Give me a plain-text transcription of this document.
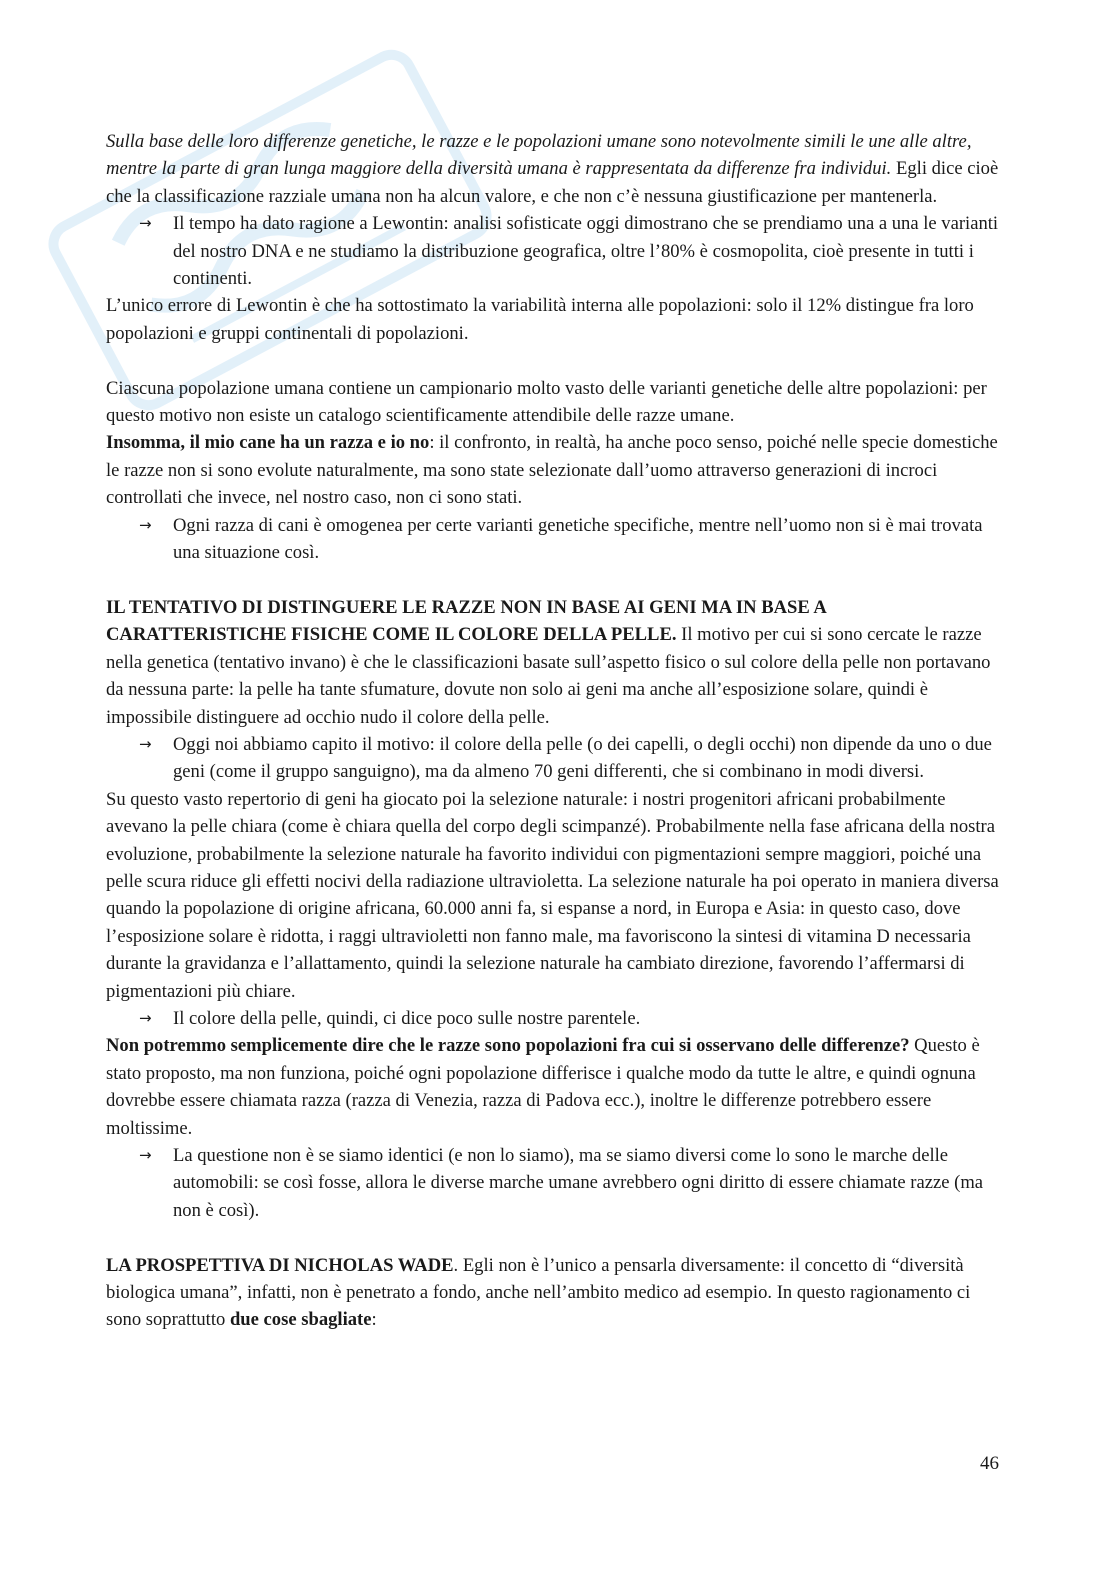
Sulla base delle loro differenze genetiche, le razze e le popolazioni umane sono notevolmente simili le une alle altre, mentre la parte di gran lunga maggiore della diversità umana è rappresentata da differenze fra individui. Egli dice cioè che la classificazione razziale umana non ha alcun valore, e che non c’è nessuna giustificazione per mantenerla.

→ Il tempo ha dato ragione a Lewontin: analisi sofisticate oggi dimostrano che se prendiamo una a una le varianti del nostro DNA e ne studiamo la distribuzione geografica, oltre l’80% è cosmopolita, cioè presente in tutti i continenti.

L’unico errore di Lewontin è che ha sottostimato la variabilità interna alle popolazioni: solo il 12% distingue fra loro popolazioni e gruppi continentali di popolazioni.

Ciascuna popolazione umana contiene un campionario molto vasto delle varianti genetiche delle altre popolazioni: per questo motivo non esiste un catalogo scientificamente attendibile delle razze umane.
Insomma, il mio cane ha un razza e io no: il confronto, in realtà, ha anche poco senso, poiché nelle specie domestiche le razze non si sono evolute naturalmente, ma sono state selezionate dall’uomo attraverso generazioni di incroci controllati che invece, nel nostro caso, non ci sono stati.

→ Ogni razza di cani è omogenea per certe varianti genetiche specifiche, mentre nell’uomo non si è mai trovata una situazione così.

IL TENTATIVO DI DISTINGUERE LE RAZZE NON IN BASE AI GENI MA IN BASE A CARATTERISTICHE FISICHE COME IL COLORE DELLA PELLE. Il motivo per cui si sono cercate le razze nella genetica (tentativo invano) è che le classificazioni basate sull’aspetto fisico o sul colore della pelle non portavano da nessuna parte: la pelle ha tante sfumature, dovute non solo ai geni ma anche all’esposizione solare, quindi è impossibile distinguere ad occhio nudo il colore della pelle.

→ Oggi noi abbiamo capito il motivo: il colore della pelle (o dei capelli, o degli occhi) non dipende da uno o due geni (come il gruppo sanguigno), ma da almeno 70 geni differenti, che si combinano in modi diversi.

Su questo vasto repertorio di geni ha giocato poi la selezione naturale: i nostri progenitori africani probabilmente avevano la pelle chiara (come è chiara quella del corpo degli scimpanzé). Probabilmente nella fase africana della nostra evoluzione, probabilmente la selezione naturale ha favorito individui con pigmentazioni sempre maggiori, poiché una pelle scura riduce gli effetti nocivi della radiazione ultravioletta. La selezione naturale ha poi operato in maniera diversa quando la popolazione di origine africana, 60.000 anni fa, si espanse a nord, in Europa e Asia: in questo caso, dove l’esposizione solare è ridotta, i raggi ultravioletti non fanno male, ma favoriscono la sintesi di vitamina D necessaria durante la gravidanza e l’allattamento, quindi la selezione naturale ha cambiato direzione, favorendo l’affermarsi di pigmentazioni più chiare.

→ Il colore della pelle, quindi, ci dice poco sulle nostre parentele.

Non potremmo semplicemente dire che le razze sono popolazioni fra cui si osservano delle differenze? Questo è stato proposto, ma non funziona, poiché ogni popolazione differisce i qualche modo da tutte le altre, e quindi ognuna dovrebbe essere chiamata razza (razza di Venezia, razza di Padova ecc.), inoltre le differenze potrebbero essere moltissime.

→ La questione non è se siamo identici (e non lo siamo), ma se siamo diversi come lo sono le marche delle automobili: se così fosse, allora le diverse marche umane avrebbero ogni diritto di essere chiamate razze (ma non è così).

LA PROSPETTIVA DI NICHOLAS WADE. Egli non è l’unico a pensarla diversamente: il concetto di “diversità biologica umana”, infatti, non è penetrato a fondo, anche nell’ambito medico ad esempio. In questo ragionamento ci sono soprattutto due cose sbagliate:

46
